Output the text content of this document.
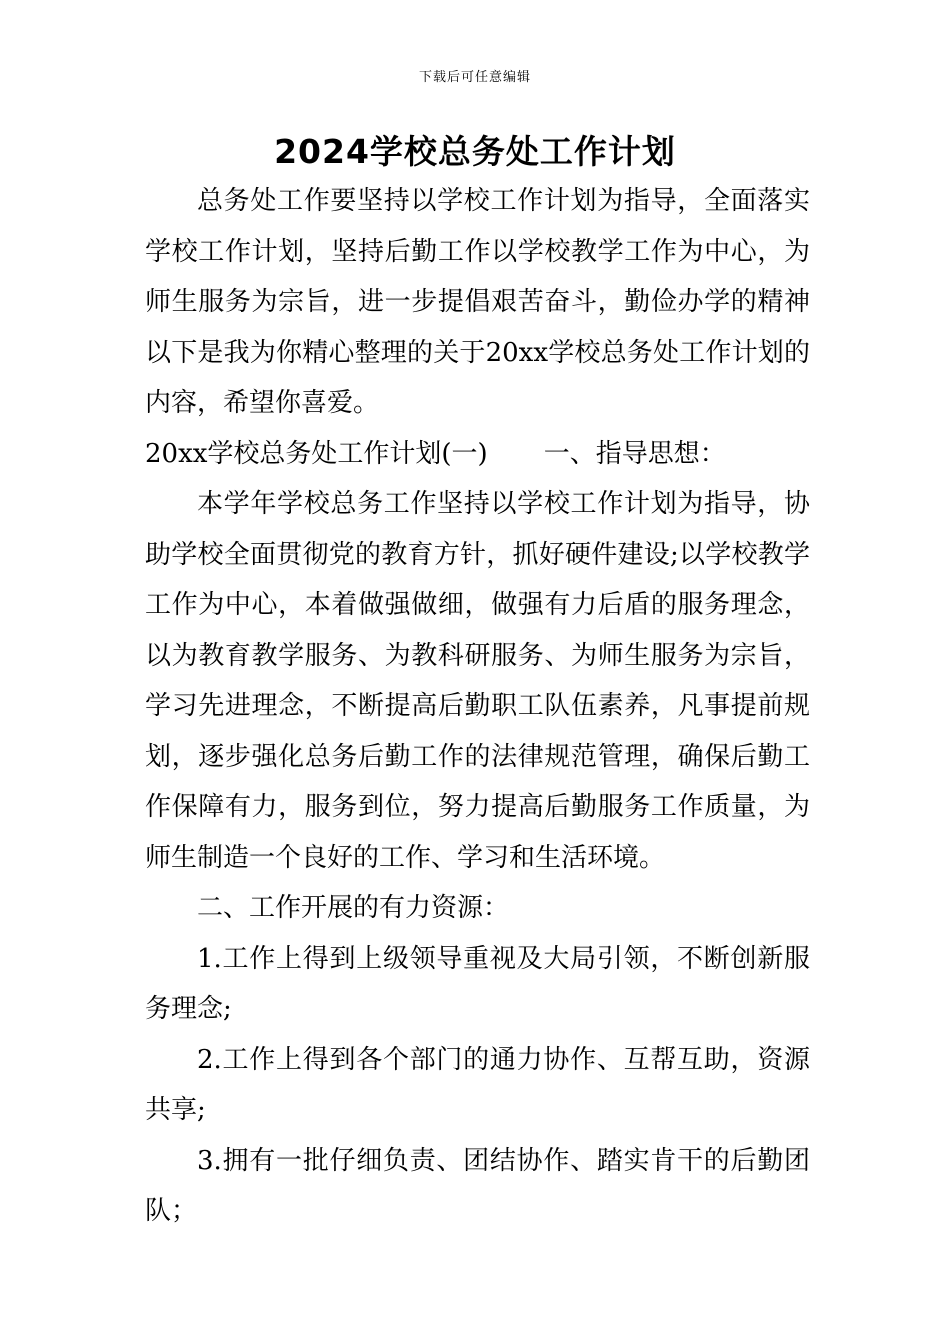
下载后可任意编辑
2024学校总务处工作计划

总务处工作要坚持以学校工作计划为指导，全面落实学校工作计划，坚持后勤工作以学校教学工作为中心，为师生服务为宗旨，进一步提倡艰苦奋斗，勤俭办学的精神以下是我为你精心整理的关于20xx学校总务处工作计划的内容，希望你喜爱。

20xx学校总务处工作计划(一) 一、指导思想：

本学年学校总务工作坚持以学校工作计划为指导，协助学校全面贯彻党的教育方针，抓好硬件建设;以学校教学工作为中心，本着做强做细，做强有力后盾的服务理念，以为教育教学服务、为教科研服务、为师生服务为宗旨，学习先进理念，不断提高后勤职工队伍素养，凡事提前规划，逐步强化总务后勤工作的法律规范管理，确保后勤工作保障有力，服务到位，努力提高后勤服务工作质量，为师生制造一个良好的工作、学习和生活环境。

二、工作开展的有力资源：

1.工作上得到上级领导重视及大局引领，不断创新服务理念;

2.工作上得到各个部门的通力协作、互帮互助，资源共享;

3.拥有一批仔细负责、团结协作、踏实肯干的后勤团队；
